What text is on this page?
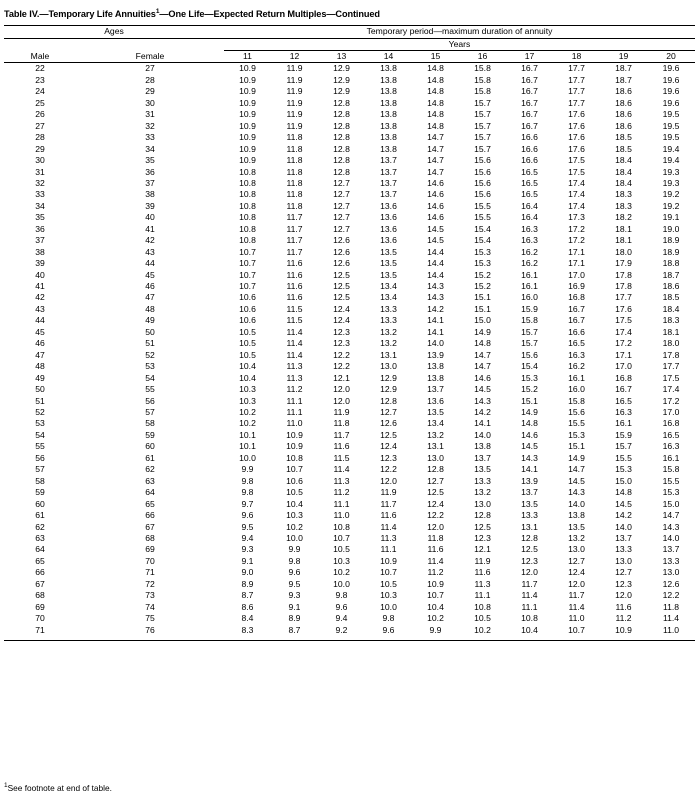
Table IV.—Temporary Life Annuities$^1$—One Life—Expected Return Multiples—Continued

Ages		Temporary period—maximum duration of annuity									
		Years									
Male	Female	11	12	13	14	15	16	17	18	19	20

22	27	10.9	11.9	12.9	13.8	14.8	15.8	16.7	17.7	18.7	19.6
23	28	10.9	11.9	12.9	13.8	14.8	15.8	16.7	17.7	18.7	19.6
24	29	10.9	11.9	12.9	13.8	14.8	15.8	16.7	17.7	18.6	19.6
25	30	10.9	11.9	12.8	13.8	14.8	15.7	16.7	17.7	18.6	19.6
26	31	10.9	11.9	12.8	13.8	14.8	15.7	16.7	17.6	18.6	19.5
27	32	10.9	11.9	12.8	13.8	14.8	15.7	16.7	17.6	18.6	19.5
28	33	10.9	11.8	12.8	13.8	14.7	15.7	16.6	17.6	18.5	19.5
29	34	10.9	11.8	12.8	13.8	14.7	15.7	16.6	17.6	18.5	19.4
30	35	10.9	11.8	12.8	13.7	14.7	15.6	16.6	17.5	18.4	19.4
31	36	10.8	11.8	12.8	13.7	14.7	15.6	16.5	17.5	18.4	19.3
32	37	10.8	11.8	12.7	13.7	14.6	15.6	16.5	17.4	18.4	19.3
33	38	10.8	11.8	12.7	13.7	14.6	15.6	16.5	17.4	18.3	19.2
34	39	10.8	11.8	12.7	13.6	14.6	15.5	16.4	17.4	18.3	19.2
35	40	10.8	11.7	12.7	13.6	14.6	15.5	16.4	17.3	18.2	19.1
36	41	10.8	11.7	12.7	13.6	14.5	15.4	16.3	17.2	18.1	19.0
37	42	10.8	11.7	12.6	13.6	14.5	15.4	16.3	17.2	18.1	18.9
38	43	10.7	11.7	12.6	13.5	14.4	15.3	16.2	17.1	18.0	18.9
39	44	10.7	11.6	12.6	13.5	14.4	15.3	16.2	17.1	17.9	18.8
40	45	10.7	11.6	12.5	13.5	14.4	15.2	16.1	17.0	17.8	18.7
41	46	10.7	11.6	12.5	13.4	14.3	15.2	16.1	16.9	17.8	18.6
42	47	10.6	11.6	12.5	13.4	14.3	15.1	16.0	16.8	17.7	18.5
43	48	10.6	11.5	12.4	13.3	14.2	15.1	15.9	16.7	17.6	18.4
44	49	10.6	11.5	12.4	13.3	14.1	15.0	15.8	16.7	17.5	18.3
45	50	10.5	11.4	12.3	13.2	14.1	14.9	15.7	16.6	17.4	18.1
46	51	10.5	11.4	12.3	13.2	14.0	14.8	15.7	16.5	17.2	18.0
47	52	10.5	11.4	12.2	13.1	13.9	14.7	15.6	16.3	17.1	17.8
48	53	10.4	11.3	12.2	13.0	13.8	14.7	15.4	16.2	17.0	17.7
49	54	10.4	11.3	12.1	12.9	13.8	14.6	15.3	16.1	16.8	17.5
50	55	10.3	11.2	12.0	12.9	13.7	14.5	15.2	16.0	16.7	17.4
51	56	10.3	11.1	12.0	12.8	13.6	14.3	15.1	15.8	16.5	17.2
52	57	10.2	11.1	11.9	12.7	13.5	14.2	14.9	15.6	16.3	17.0
53	58	10.2	11.0	11.8	12.6	13.4	14.1	14.8	15.5	16.1	16.8
54	59	10.1	10.9	11.7	12.5	13.2	14.0	14.6	15.3	15.9	16.5
55	60	10.1	10.9	11.6	12.4	13.1	13.8	14.5	15.1	15.7	16.3
56	61	10.0	10.8	11.5	12.3	13.0	13.7	14.3	14.9	15.5	16.1
57	62	9.9	10.7	11.4	12.2	12.8	13.5	14.1	14.7	15.3	15.8
58	63	9.8	10.6	11.3	12.0	12.7	13.3	13.9	14.5	15.0	15.5
59	64	9.8	10.5	11.2	11.9	12.5	13.2	13.7	14.3	14.8	15.3
60	65	9.7	10.4	11.1	11.7	12.4	13.0	13.5	14.0	14.5	15.0
61	66	9.6	10.3	11.0	11.6	12.2	12.8	13.3	13.8	14.2	14.7
62	67	9.5	10.2	10.8	11.4	12.0	12.5	13.1	13.5	14.0	14.3
63	68	9.4	10.0	10.7	11.3	11.8	12.3	12.8	13.2	13.7	14.0
64	69	9.3	9.9	10.5	11.1	11.6	12.1	12.5	13.0	13.3	13.7
65	70	9.1	9.8	10.3	10.9	11.4	11.9	12.3	12.7	13.0	13.3
66	71	9.0	9.6	10.2	10.7	11.2	11.6	12.0	12.4	12.7	13.0
67	72	8.9	9.5	10.0	10.5	10.9	11.3	11.7	12.0	12.3	12.6
68	73	8.7	9.3	9.8	10.3	10.7	11.1	11.4	11.7	12.0	12.2
69	74	8.6	9.1	9.6	10.0	10.4	10.8	11.1	11.4	11.6	11.8
70	75	8.4	8.9	9.4	9.8	10.2	10.5	10.8	11.0	11.2	11.4
71	76	8.3	8.7	9.2	9.6	9.9	10.2	10.4	10.7	10.9	11.0

$^1$See footnote at end of table.
